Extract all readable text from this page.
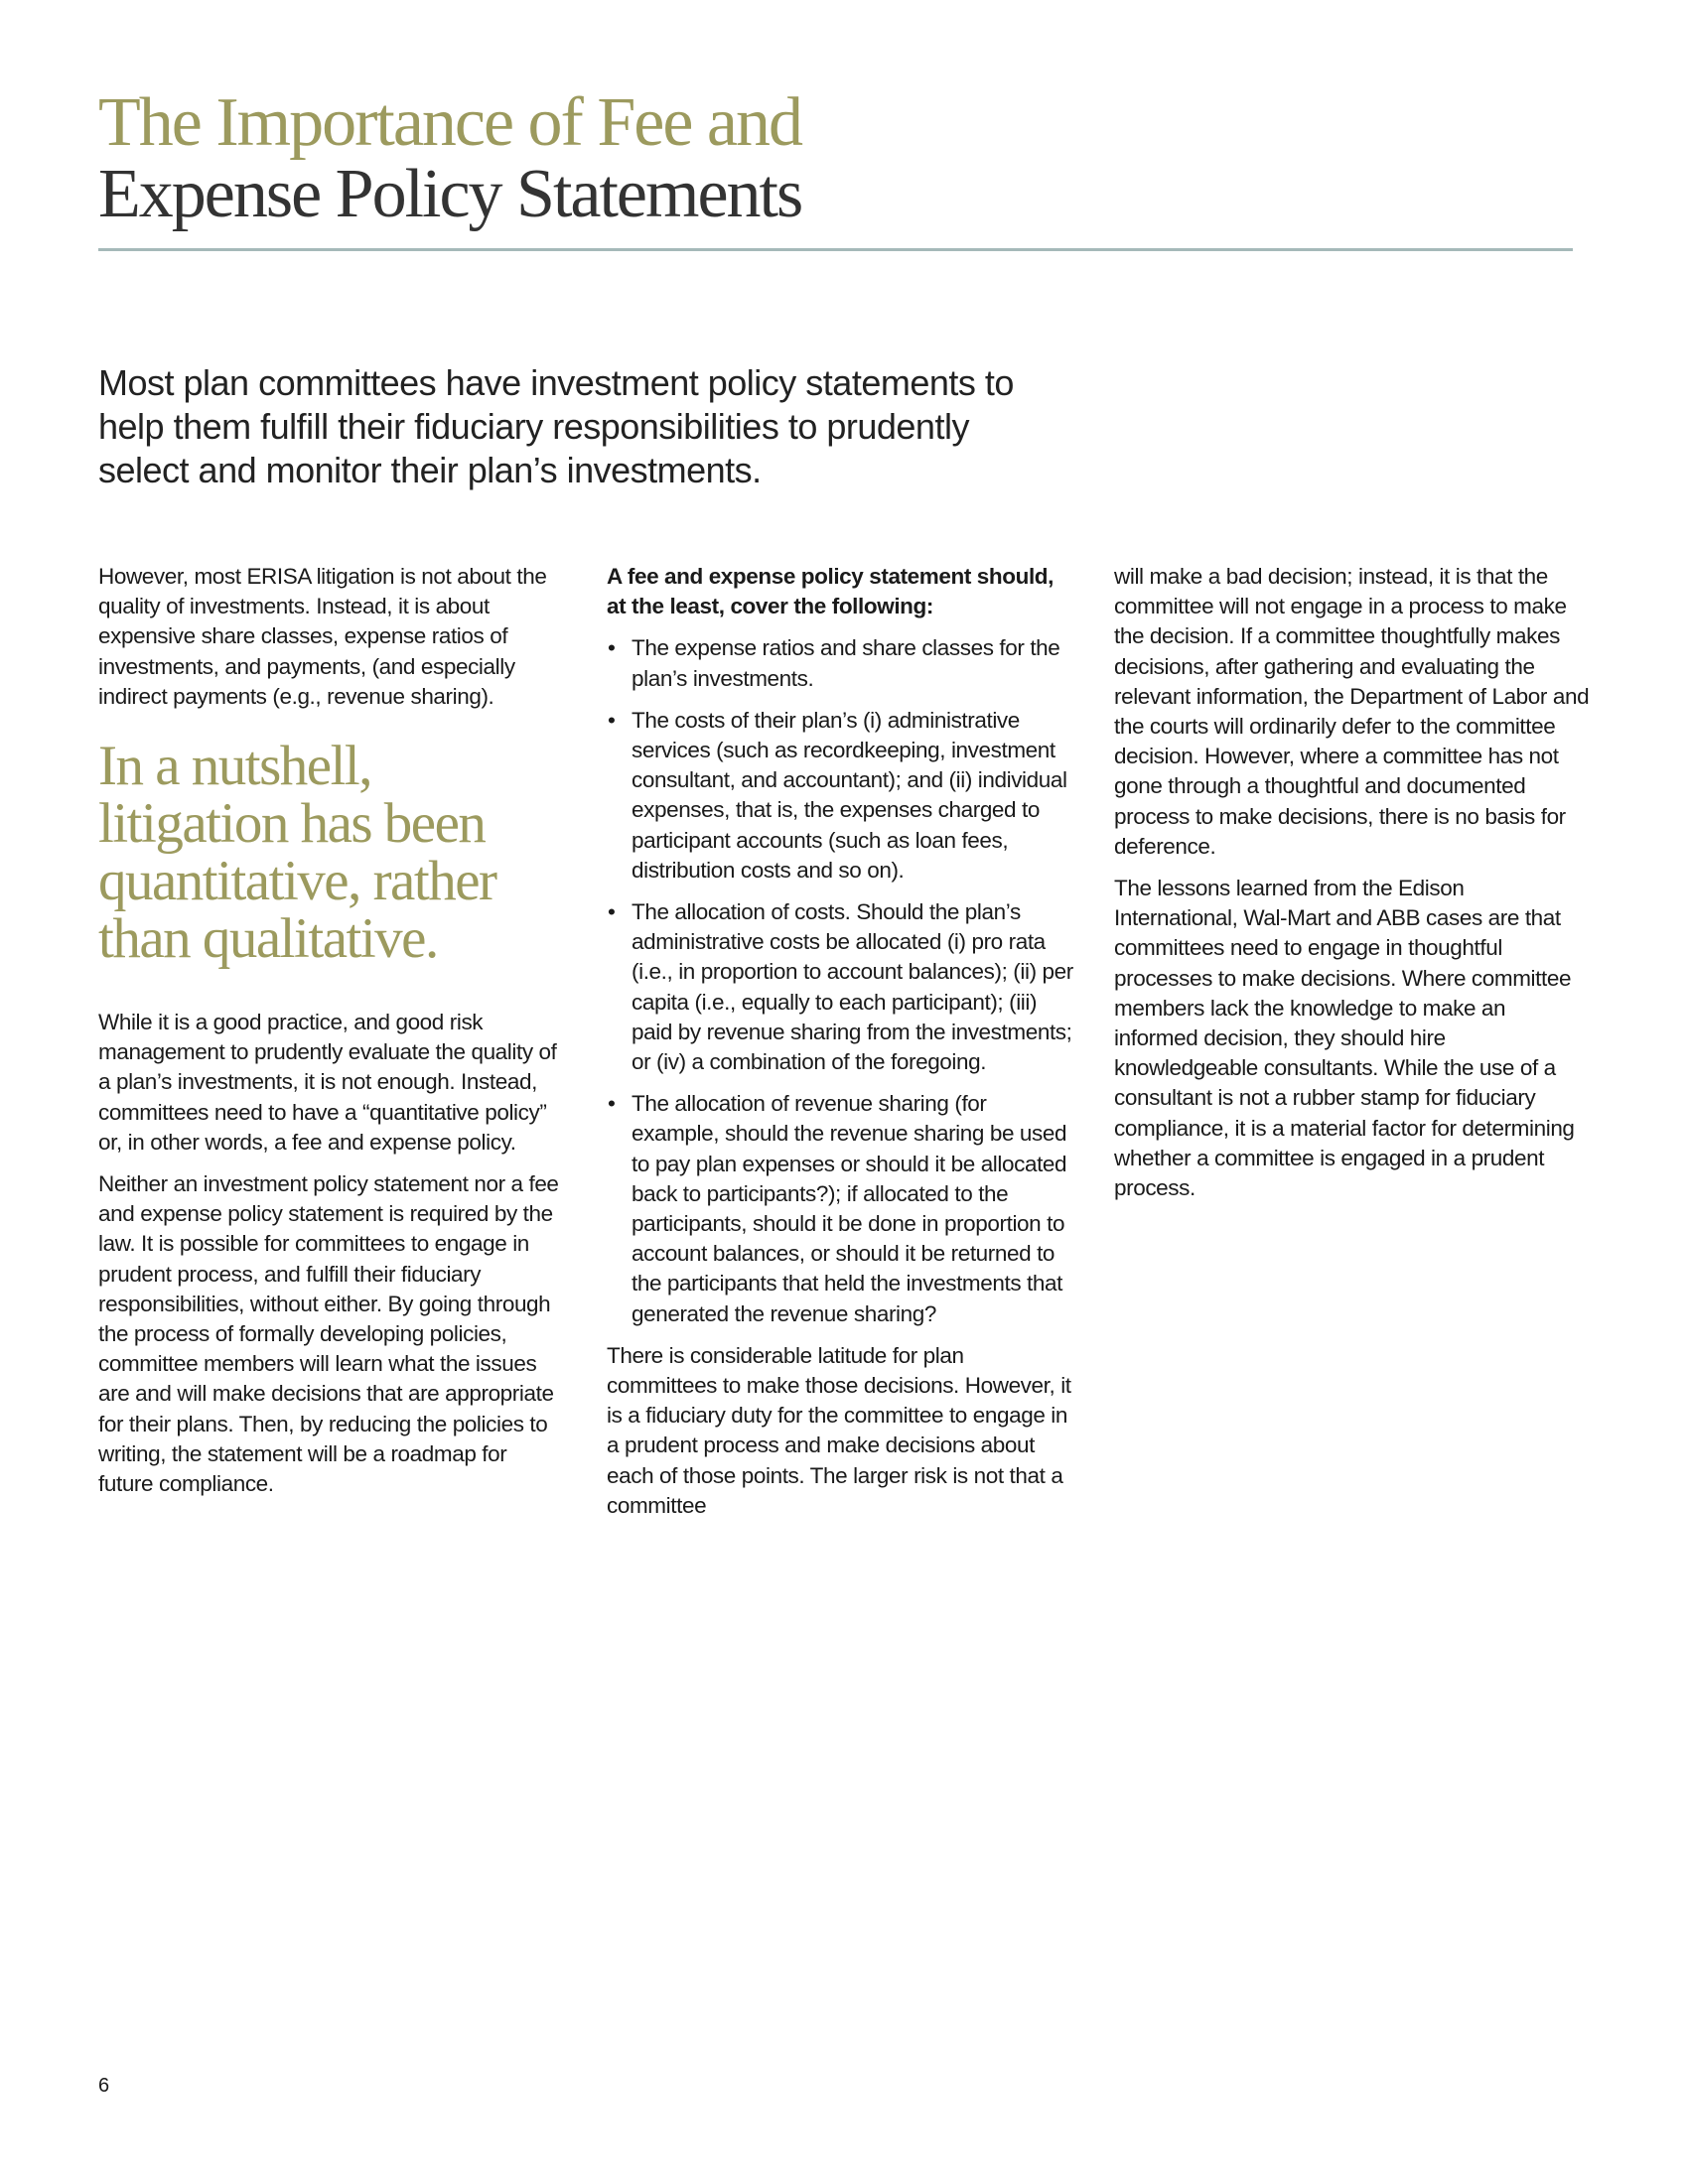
The Importance of Fee and
Expense Policy Statements
Most plan committees have investment policy statements to help them fulfill their fiduciary responsibilities to prudently select and monitor their plan’s investments.

However, most ERISA litigation is not about the quality of investments. Instead, it is about expensive share classes, expense ratios of investments, and payments, (and especially indirect payments (e.g., revenue sharing).

In a nutshell, litigation has been quantitative, rather than qualitative.

While it is a good practice, and good risk management to prudently evaluate the quality of a plan’s investments, it is not enough. Instead, committees need to have a “quantitative policy” or, in other words, a fee and expense policy.

Neither an investment policy statement nor a fee and expense policy statement is required by the law. It is possible for committees to engage in prudent process, and fulfill their fiduciary responsibilities, without either. By going through the process of formally developing policies, committee members will learn what the issues are and will make decisions that are appropriate for their plans. Then, by reducing the policies to writing, the statement will be a roadmap for future compliance.

A fee and expense policy statement should, at the least, cover the following:

• The expense ratios and share classes for the plan’s investments.
• The costs of their plan’s (i) administrative services (such as recordkeeping, investment consultant, and accountant); and (ii) individual expenses, that is, the expenses charged to participant accounts (such as loan fees, distribution costs and so on).
• The allocation of costs. Should the plan’s administrative costs be allocated (i) pro rata (i.e., in proportion to account balances); (ii) per capita (i.e., equally to each participant); (iii) paid by revenue sharing from the investments; or (iv) a combination of the foregoing.
• The allocation of revenue sharing (for example, should the revenue sharing be used to pay plan expenses or should it be allocated back to participants?); if allocated to the participants, should it be done in proportion to account balances, or should it be returned to the participants that held the investments that generated the revenue sharing?

There is considerable latitude for plan committees to make those decisions. However, it is a fiduciary duty for the committee to engage in a prudent process and make decisions about each of those points. The larger risk is not that a committee

will make a bad decision; instead, it is that the committee will not engage in a process to make the decision. If a committee thoughtfully makes decisions, after gathering and evaluating the relevant information, the Department of Labor and the courts will ordinarily defer to the committee decision. However, where a committee has not gone through a thoughtful and documented process to make decisions, there is no basis for deference.

The lessons learned from the Edison International, Wal-Mart and ABB cases are that committees need to engage in thoughtful processes to make decisions. Where committee members lack the knowledge to make an informed decision, they should hire knowledgeable consultants. While the use of a consultant is not a rubber stamp for fiduciary compliance, it is a material factor for determining whether a committee is engaged in a prudent process.

6
